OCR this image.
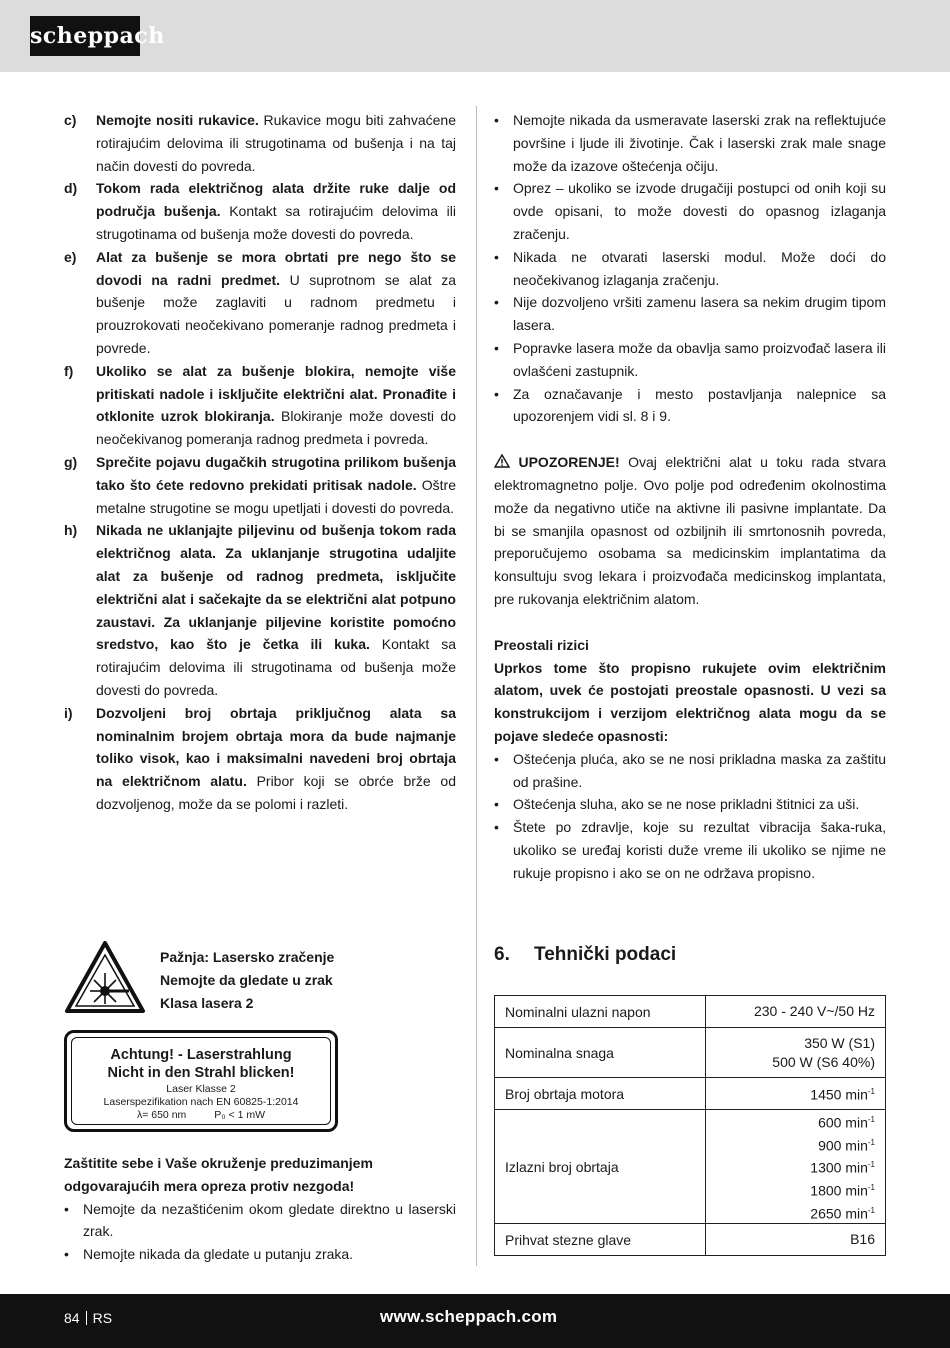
scheppach
c)	Nemojte nositi rukavice. Rukavice mogu biti zahvaćene rotirajućim delovima ili strugotinama od bušenja i na taj način dovesti do povreda.
d)	Tokom rada električnog alata držite ruke dalje od područja bušenja. Kontakt sa rotirajućim delovima ili strugotinama od bušenja može dovesti do povreda.
e)	Alat za bušenje se mora obrtati pre nego što se dovodi na radni predmet. U suprotnom se alat za bušenje može zaglaviti u radnom predmetu i prouzrokovati neočekivano pomeranje radnog predmeta i povrede.
f)	Ukoliko se alat za bušenje blokira, nemojte više pritiskati nadole i isključite električni alat. Pronađite i otklonite uzrok blokiranja. Blokiranje može dovesti do neočekivanog pomeranja radnog predmeta i povreda.
g)	Sprečite pojavu dugačkih strugotina prilikom bušenja tako što ćete redovno prekidati pritisak nadole. Oštre metalne strugotine se mogu upetljati i dovesti do povreda.
h)	Nikada ne uklanjajte piljevinu od bušenja tokom rada električnog alata. Za uklanjanje strugotina udaljite alat za bušenje od radnog predmeta, isključite električni alat i sačekajte da se električni alat potpuno zaustavi. Za uklanjanje piljevine koristite pomoćno sredstvo, kao što je četka ili kuka. Kontakt sa rotirajućim delovima ili strugotinama od bušenja može dovesti do povreda.
i)	Dozvoljeni broj obrtaja priključnog alata sa nominalnim brojem obrtaja mora da bude najmanje toliko visok, kao i maksimalni navedeni broj obrtaja na električnom alatu. Pribor koji se obrće brže od dozvoljenog, može da se polomi i razleti.
Pažnja: Lasersko zračenje
Nemojte da gledate u zrak
Klasa lasera 2
Achtung! - Laserstrahlung
Nicht in den Strahl blicken!
Laser Klasse 2
Laserspezifikation nach EN 60825-1:2014
λ= 650 nm	P₀ < 1 mW
Zaštitite sebe i Vaše okruženje preduzimanjem odgovarajućih mera opreza protiv nezgoda!
•	Nemojte da nezaštićenim okom gledate direktno u laserski zrak.
•	Nemojte nikada da gledate u putanju zraka.
•	Nemojte nikada da usmeravate laserski zrak na reflektujuće površine i ljude ili životinje. Čak i laserski zrak male snage može da izazove oštećenja očiju.
•	Oprez – ukoliko se izvode drugačiji postupci od onih koji su ovde opisani, to može dovesti do opasnog izlaganja zračenju.
•	Nikada ne otvarati laserski modul. Može doći do neočekivanog izlaganja zračenju.
•	Nije dozvoljeno vršiti zamenu lasera sa nekim drugim tipom lasera.
•	Popravke lasera može da obavlja samo proizvođač lasera ili ovlašćeni zastupnik.
•	Za označavanje i mesto postavljanja nalepnice sa upozorenjem vidi sl. 8 i 9.
UPOZORENJE! Ovaj električni alat u toku rada stvara elektromagnetno polje. Ovo polje pod određenim okolnostima može da negativno utiče na aktivne ili pasivne implantate. Da bi se smanjila opasnost od ozbiljnih ili smrtonosnih povreda, preporučujemo osobama sa medicinskim implantatima da konsultuju svog lekara i proizvođača medicinskog implantata, pre rukovanja električnim alatom.
Preostali rizici
Uprkos tome što propisno rukujete ovim električnim alatom, uvek će postojati preostale opasnosti. U vezi sa konstrukcijom i verzijom električnog alata mogu da se pojave sledeće opasnosti:
•	Oštećenja pluća, ako se ne nosi prikladna maska za zaštitu od prašine.
•	Oštećenja sluha, ako se ne nose prikladni štitnici za uši.
•	Štete po zdravlje, koje su rezultat vibracija šaka-ruka, ukoliko se uređaj koristi duže vreme ili ukoliko se njime ne rukuje propisno i ako se on ne održava propisno.
6. Tehnički podaci
Nominalni ulazni napon	230 - 240 V~/50 Hz
Nominalna snaga	350 W (S1)
500 W (S6 40%)

Broj obrtaja motora	1450 $\min^{-1}$
Izlazni broj obrtaja	600 $\min^{-1}$
900 $\min^{-1}$
1300 $\min^{-1}$
1800 $\min^{-1}$
2650 $\min^{-1}$

Prihvat stezne glave	B16
84 RS	www.scheppach.com
